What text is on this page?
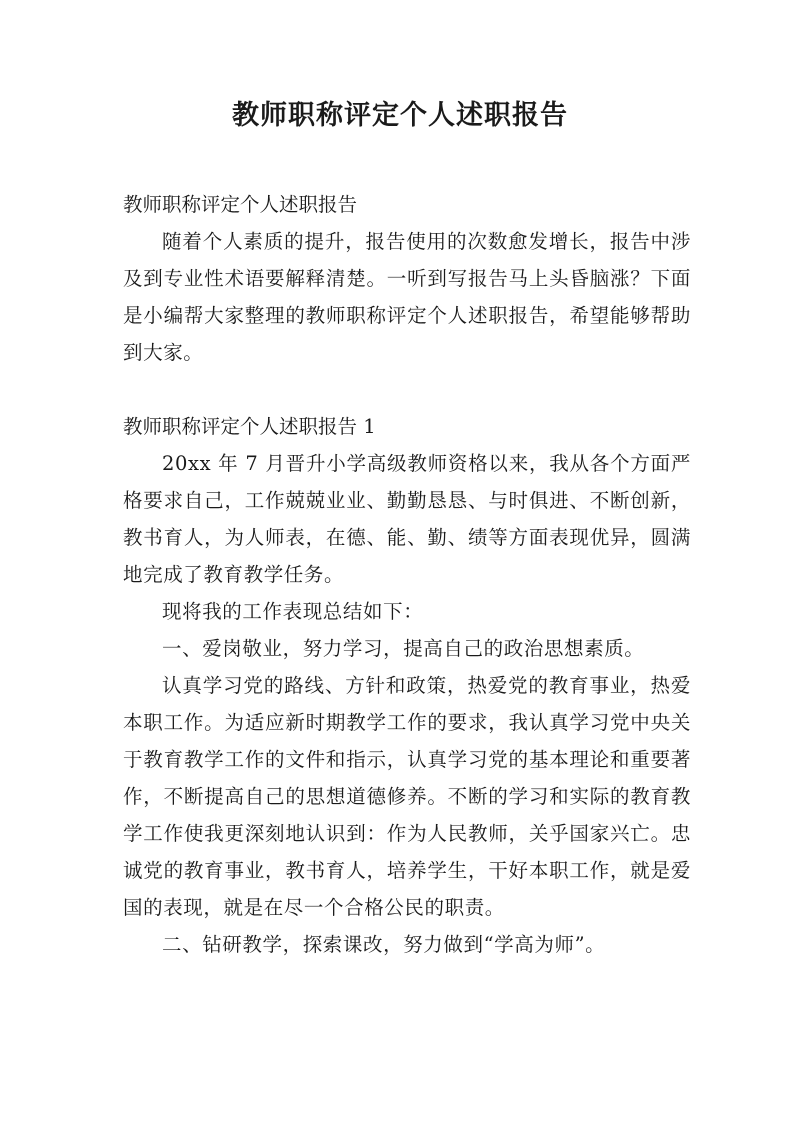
教师职称评定个人述职报告

教师职称评定个人述职报告

随着个人素质的提升，报告使用的次数愈发增长，报告中涉及到专业性术语要解释清楚。一听到写报告马上头昏脑涨？下面是小编帮大家整理的教师职称评定个人述职报告，希望能够帮助到大家。

教师职称评定个人述职报告 1

20xx 年 7 月晋升小学高级教师资格以来，我从各个方面严格要求自己，工作兢兢业业、勤勤恳恳、与时俱进、不断创新，教书育人，为人师表，在德、能、勤、绩等方面表现优异，圆满地完成了教育教学任务。

现将我的工作表现总结如下：

一、爱岗敬业，努力学习，提高自己的政治思想素质。

认真学习党的路线、方针和政策，热爱党的教育事业，热爱本职工作。为适应新时期教学工作的要求，我认真学习党中央关于教育教学工作的文件和指示，认真学习党的基本理论和重要著作，不断提高自己的思想道德修养。不断的学习和实际的教育教学工作使我更深刻地认识到：作为人民教师，关乎国家兴亡。忠诚党的教育事业，教书育人，培养学生，干好本职工作，就是爱国的表现，就是在尽一个合格公民的职责。

二、钻研教学，探索课改，努力做到“学高为师”。
